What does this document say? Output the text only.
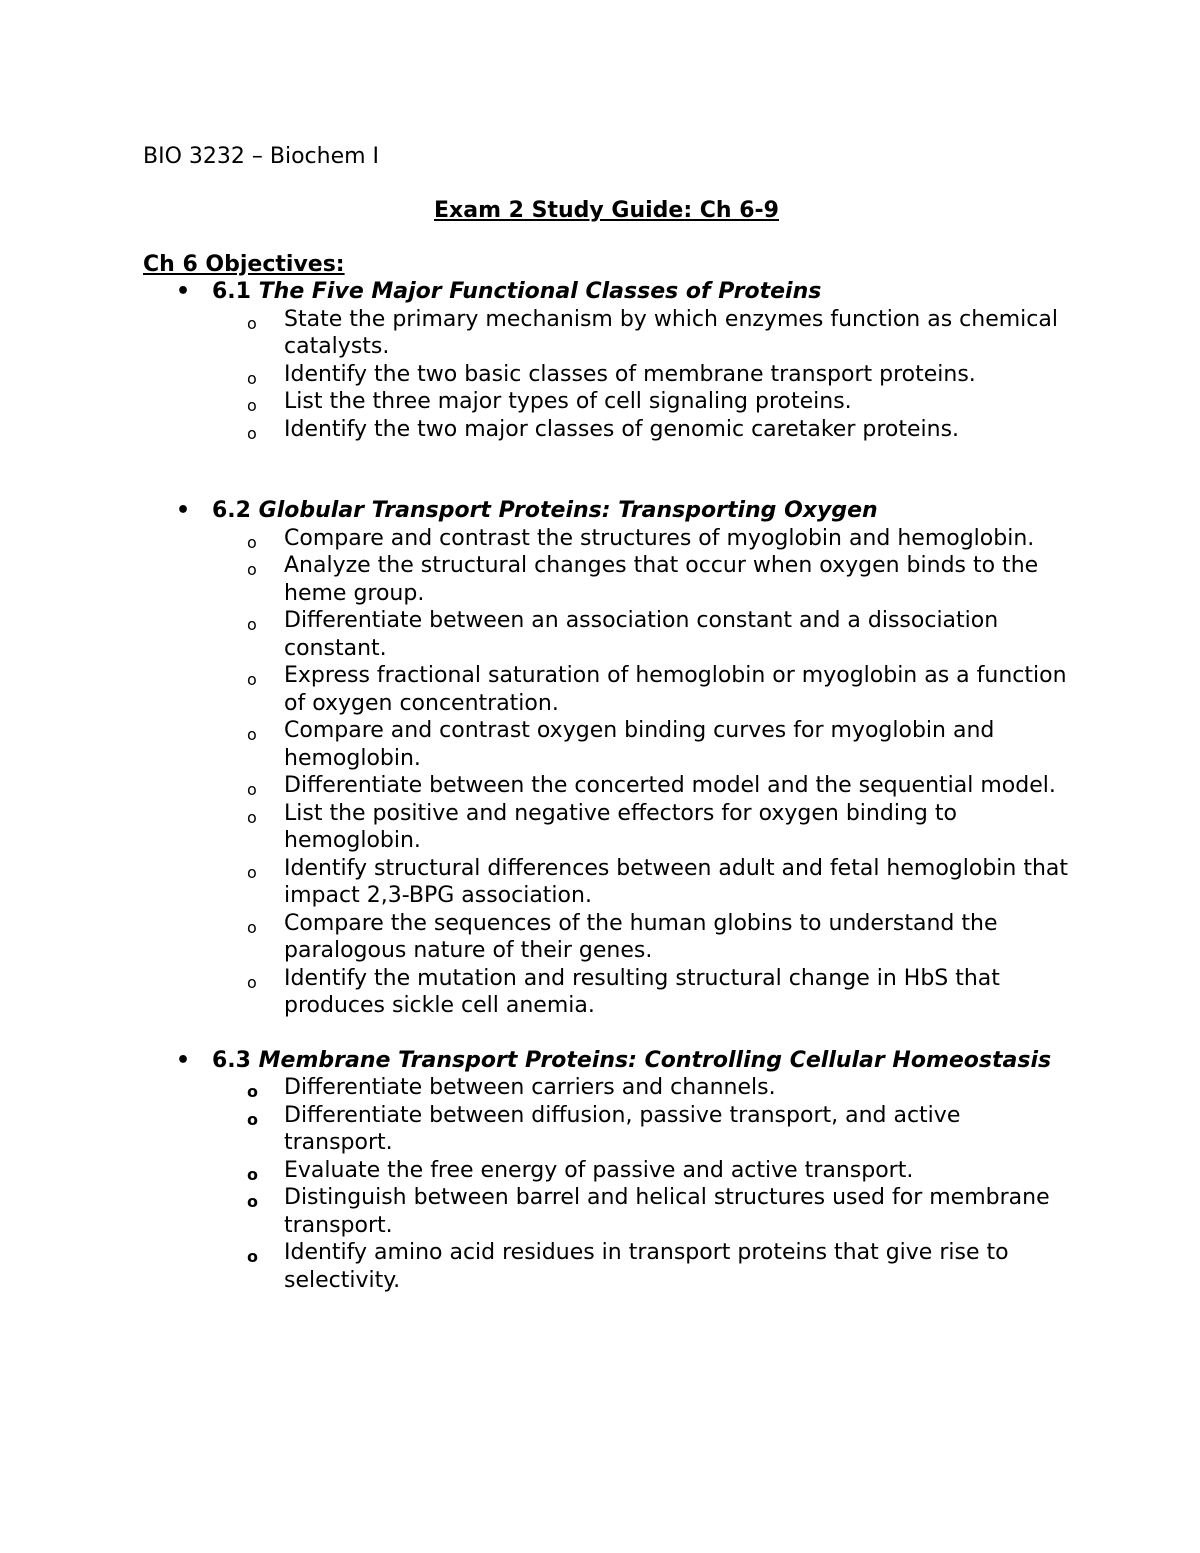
BIO 3232 – Biochem I

Exam 2 Study Guide: Ch 6-9

Ch 6 Objectives:

• 6.1 The Five Major Functional Classes of Proteins
o State the primary mechanism by which enzymes function as chemical catalysts.
o Identify the two basic classes of membrane transport proteins.
o List the three major types of cell signaling proteins.
o Identify the two major classes of genomic caretaker proteins.
• 6.2 Globular Transport Proteins: Transporting Oxygen
o Compare and contrast the structures of myoglobin and hemoglobin.
o Analyze the structural changes that occur when oxygen binds to the heme group.
o Differentiate between an association constant and a dissociation constant.
o Express fractional saturation of hemoglobin or myoglobin as a function of oxygen concentration.
o Compare and contrast oxygen binding curves for myoglobin and hemoglobin.
o Differentiate between the concerted model and the sequential model.
o List the positive and negative effectors for oxygen binding to hemoglobin.
o Identify structural differences between adult and fetal hemoglobin that impact 2,3-BPG association.
o Compare the sequences of the human globins to understand the paralogous nature of their genes.
o Identify the mutation and resulting structural change in HbS that produces sickle cell anemia.
• 6.3 Membrane Transport Proteins: Controlling Cellular Homeostasis
o Differentiate between carriers and channels.
o Differentiate between diffusion, passive transport, and active transport.
o Evaluate the free energy of passive and active transport.
o Distinguish between barrel and helical structures used for membrane transport.
o Identify amino acid residues in transport proteins that give rise to selectivity.
